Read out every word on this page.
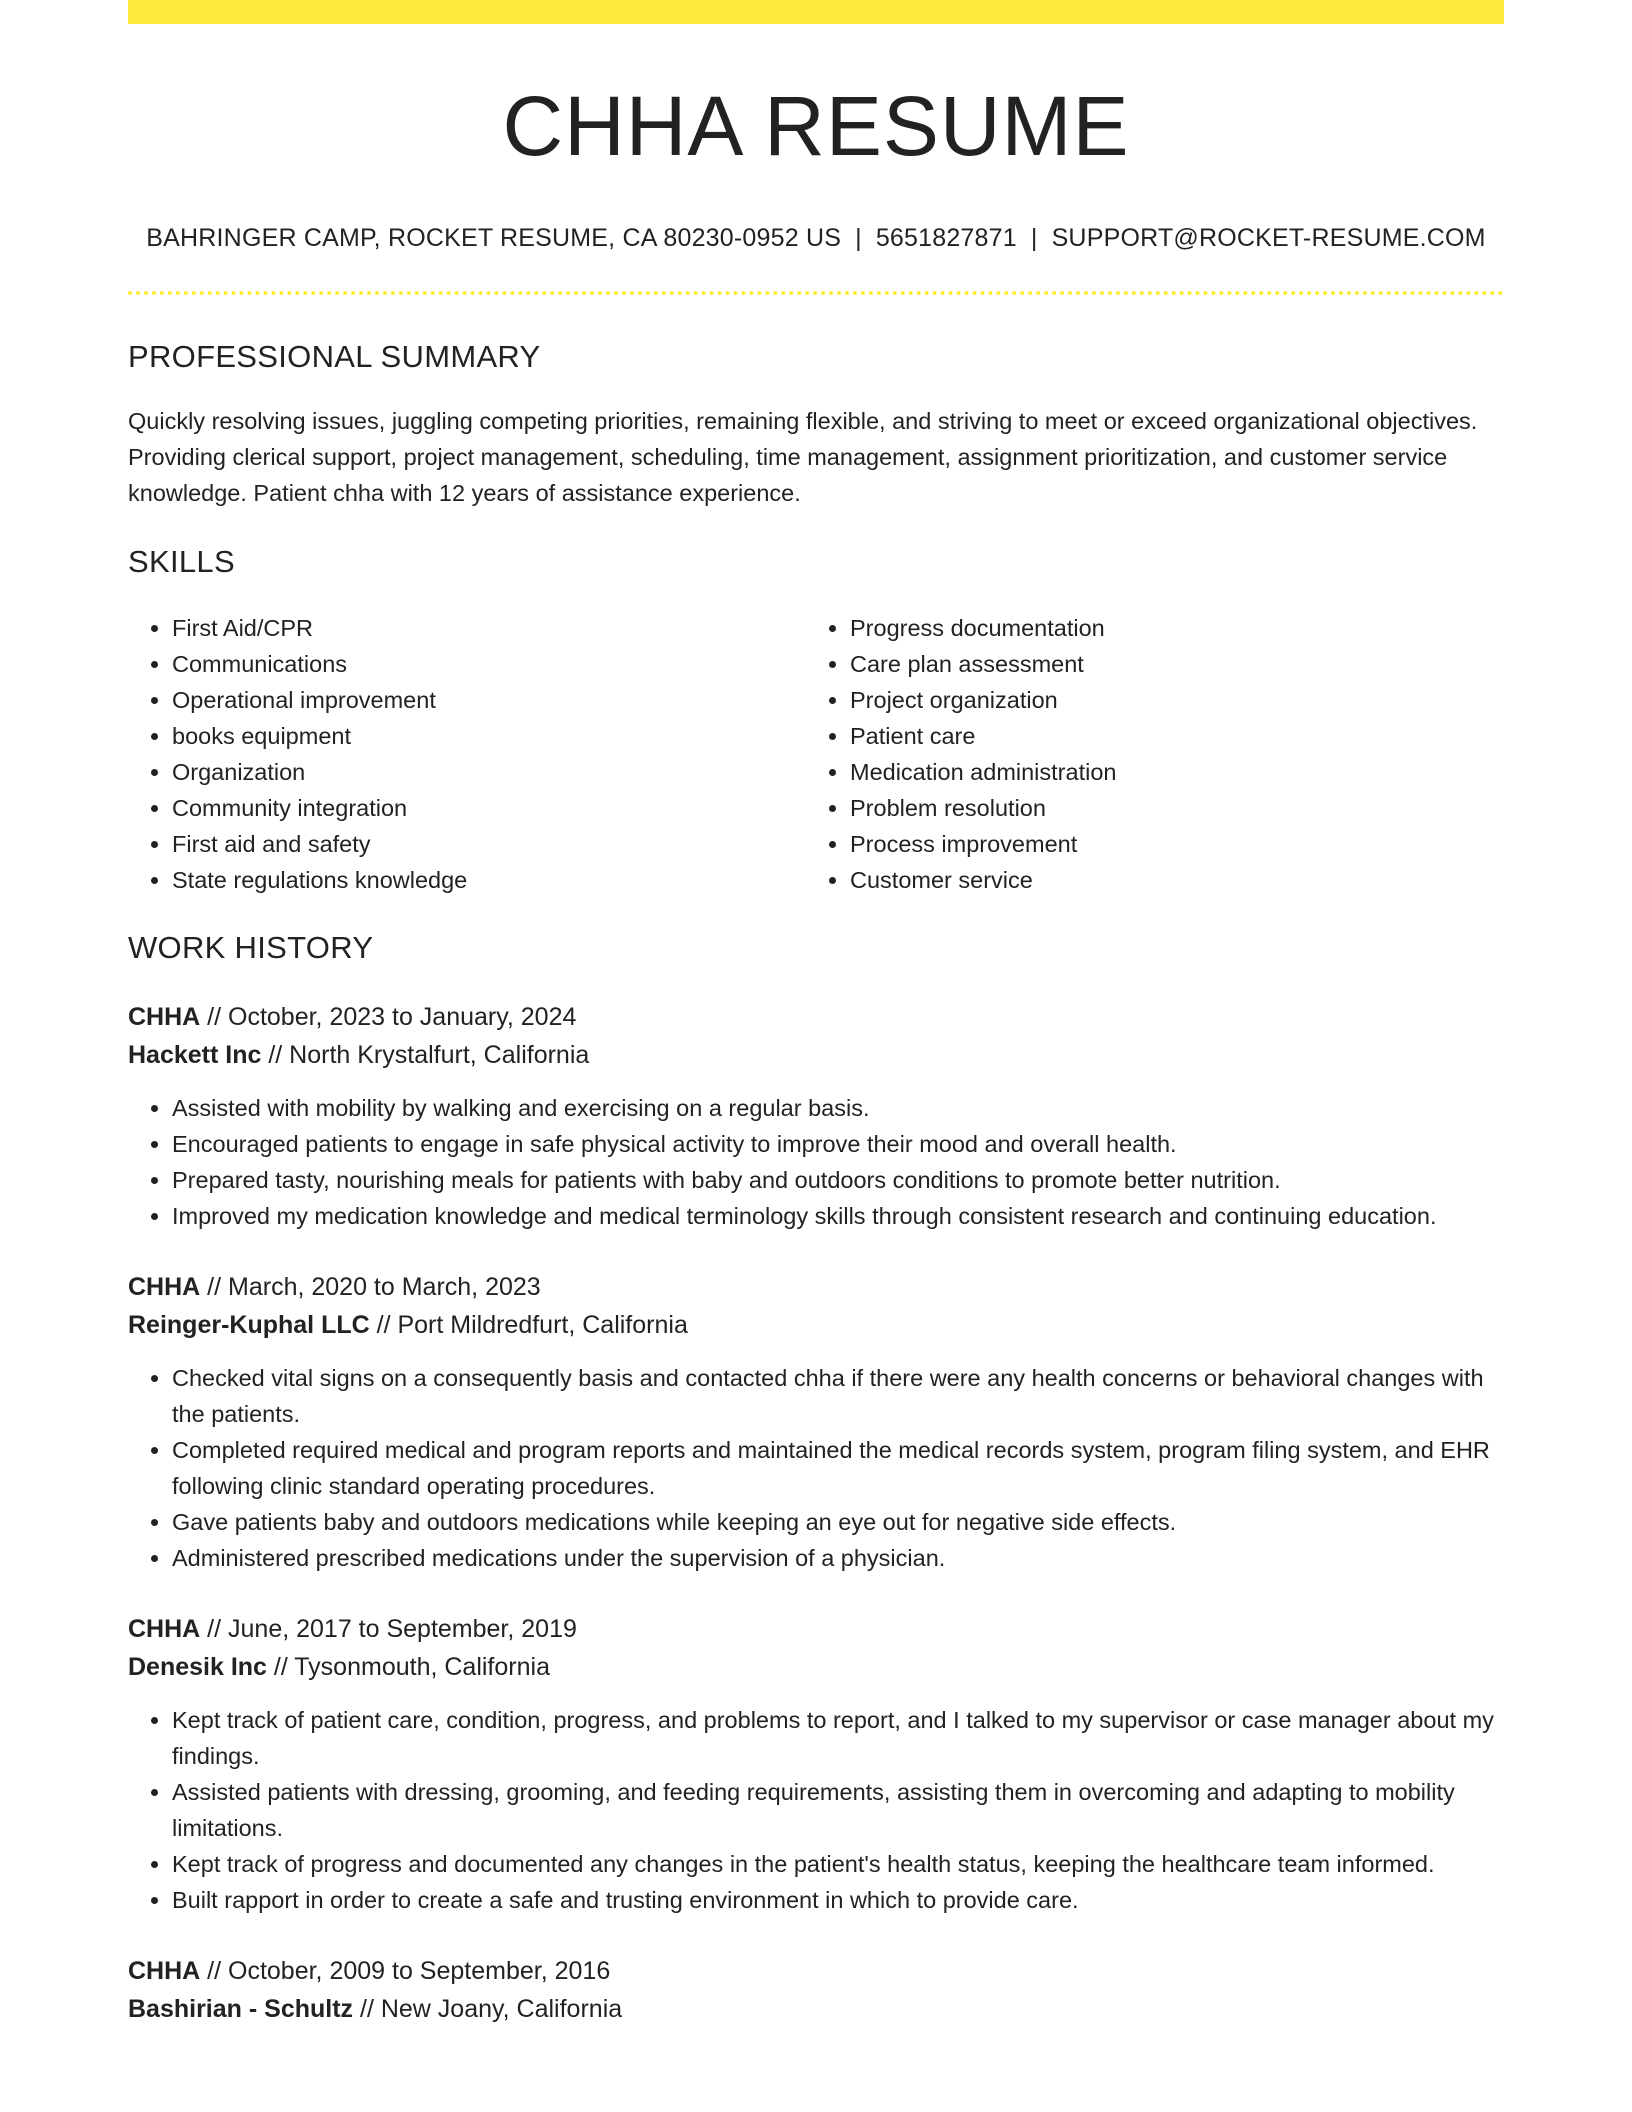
CHHA RESUME
BAHRINGER CAMP, ROCKET RESUME, CA 80230-0952 US | 5651827871 | SUPPORT@ROCKET-RESUME.COM
PROFESSIONAL SUMMARY

Quickly resolving issues, juggling competing priorities, remaining flexible, and striving to meet or exceed organizational objectives. Providing clerical support, project management, scheduling, time management, assignment prioritization, and customer service knowledge. Patient chha with 12 years of assistance experience.

SKILLS
• First Aid/CPR
• Communications
• Operational improvement
• books equipment
• Organization
• Community integration
• First aid and safety
• State regulations knowledge
• Progress documentation
• Care plan assessment
• Project organization
• Patient care
• Medication administration
• Problem resolution
• Process improvement
• Customer service
WORK HISTORY
CHHA // October, 2023 to January, 2024
Hackett Inc // North Krystalfurt, California
• Assisted with mobility by walking and exercising on a regular basis.
• Encouraged patients to engage in safe physical activity to improve their mood and overall health.
• Prepared tasty, nourishing meals for patients with baby and outdoors conditions to promote better nutrition.
• Improved my medication knowledge and medical terminology skills through consistent research and continuing education.
CHHA // March, 2020 to March, 2023
Reinger-Kuphal LLC // Port Mildredfurt, California
• Checked vital signs on a consequently basis and contacted chha if there were any health concerns or behavioral changes with the patients.
• Completed required medical and program reports and maintained the medical records system, program filing system, and EHR following clinic standard operating procedures.
• Gave patients baby and outdoors medications while keeping an eye out for negative side effects.
• Administered prescribed medications under the supervision of a physician.
CHHA // June, 2017 to September, 2019
Denesik Inc // Tysonmouth, California
• Kept track of patient care, condition, progress, and problems to report, and I talked to my supervisor or case manager about my findings.
• Assisted patients with dressing, grooming, and feeding requirements, assisting them in overcoming and adapting to mobility limitations.
• Kept track of progress and documented any changes in the patient's health status, keeping the healthcare team informed.
• Built rapport in order to create a safe and trusting environment in which to provide care.
CHHA // October, 2009 to September, 2016
Bashirian - Schultz // New Joany, California
